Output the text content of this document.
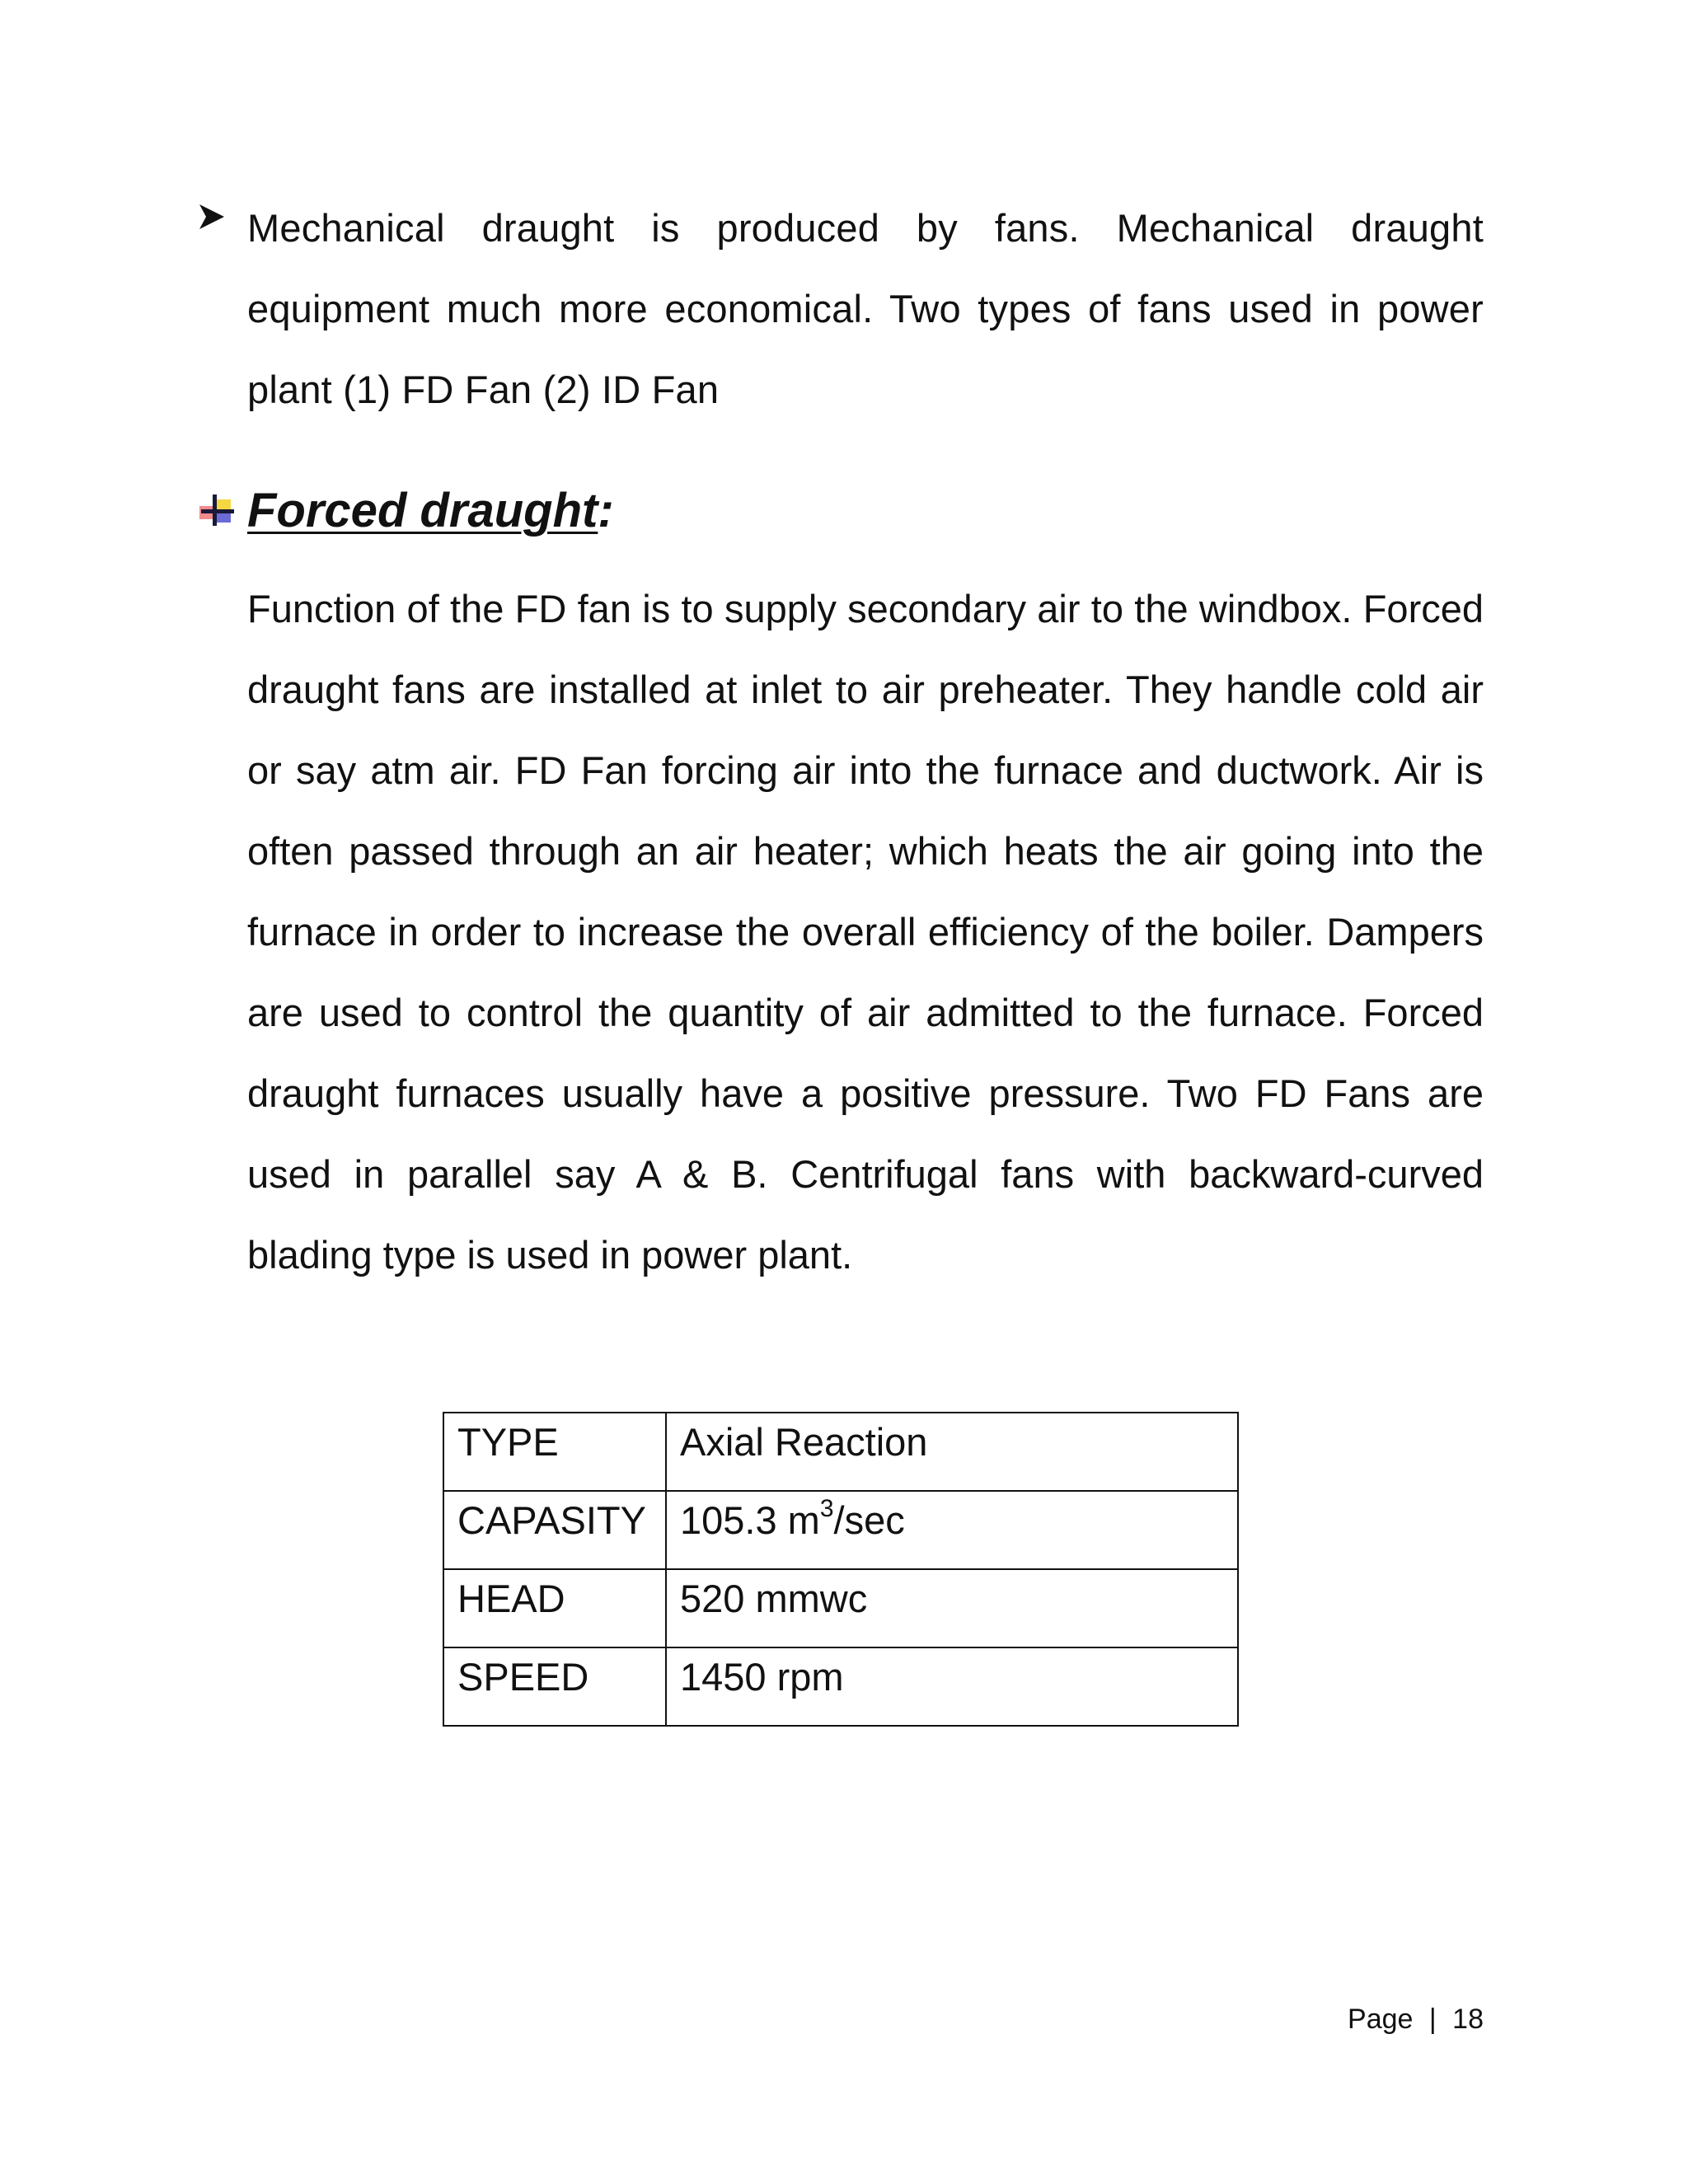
Mechanical draught is produced by fans. Mechanical draught equipment much more economical. Two types of fans used in power plant (1) FD Fan (2) ID Fan

Forced draught:

Function of the FD fan is to supply secondary air to the windbox. Forced draught fans are installed at inlet to air preheater. They handle cold air or say atm air. FD Fan forcing air into the furnace and ductwork. Air is often passed through an air heater; which heats the air going into the furnace in order to increase the overall efficiency of the boiler. Dampers are used to control the quantity of air admitted to the furnace. Forced draught furnaces usually have a positive pressure. Two FD Fans are used in parallel say A & B. Centrifugal fans with backward-curved blading type is used in power plant.

TYPE	Axial Reaction
CAPASITY	105.3 $m^3/\sec$
HEAD	520 mmwc
SPEED	1450 rpm
Page | 18
